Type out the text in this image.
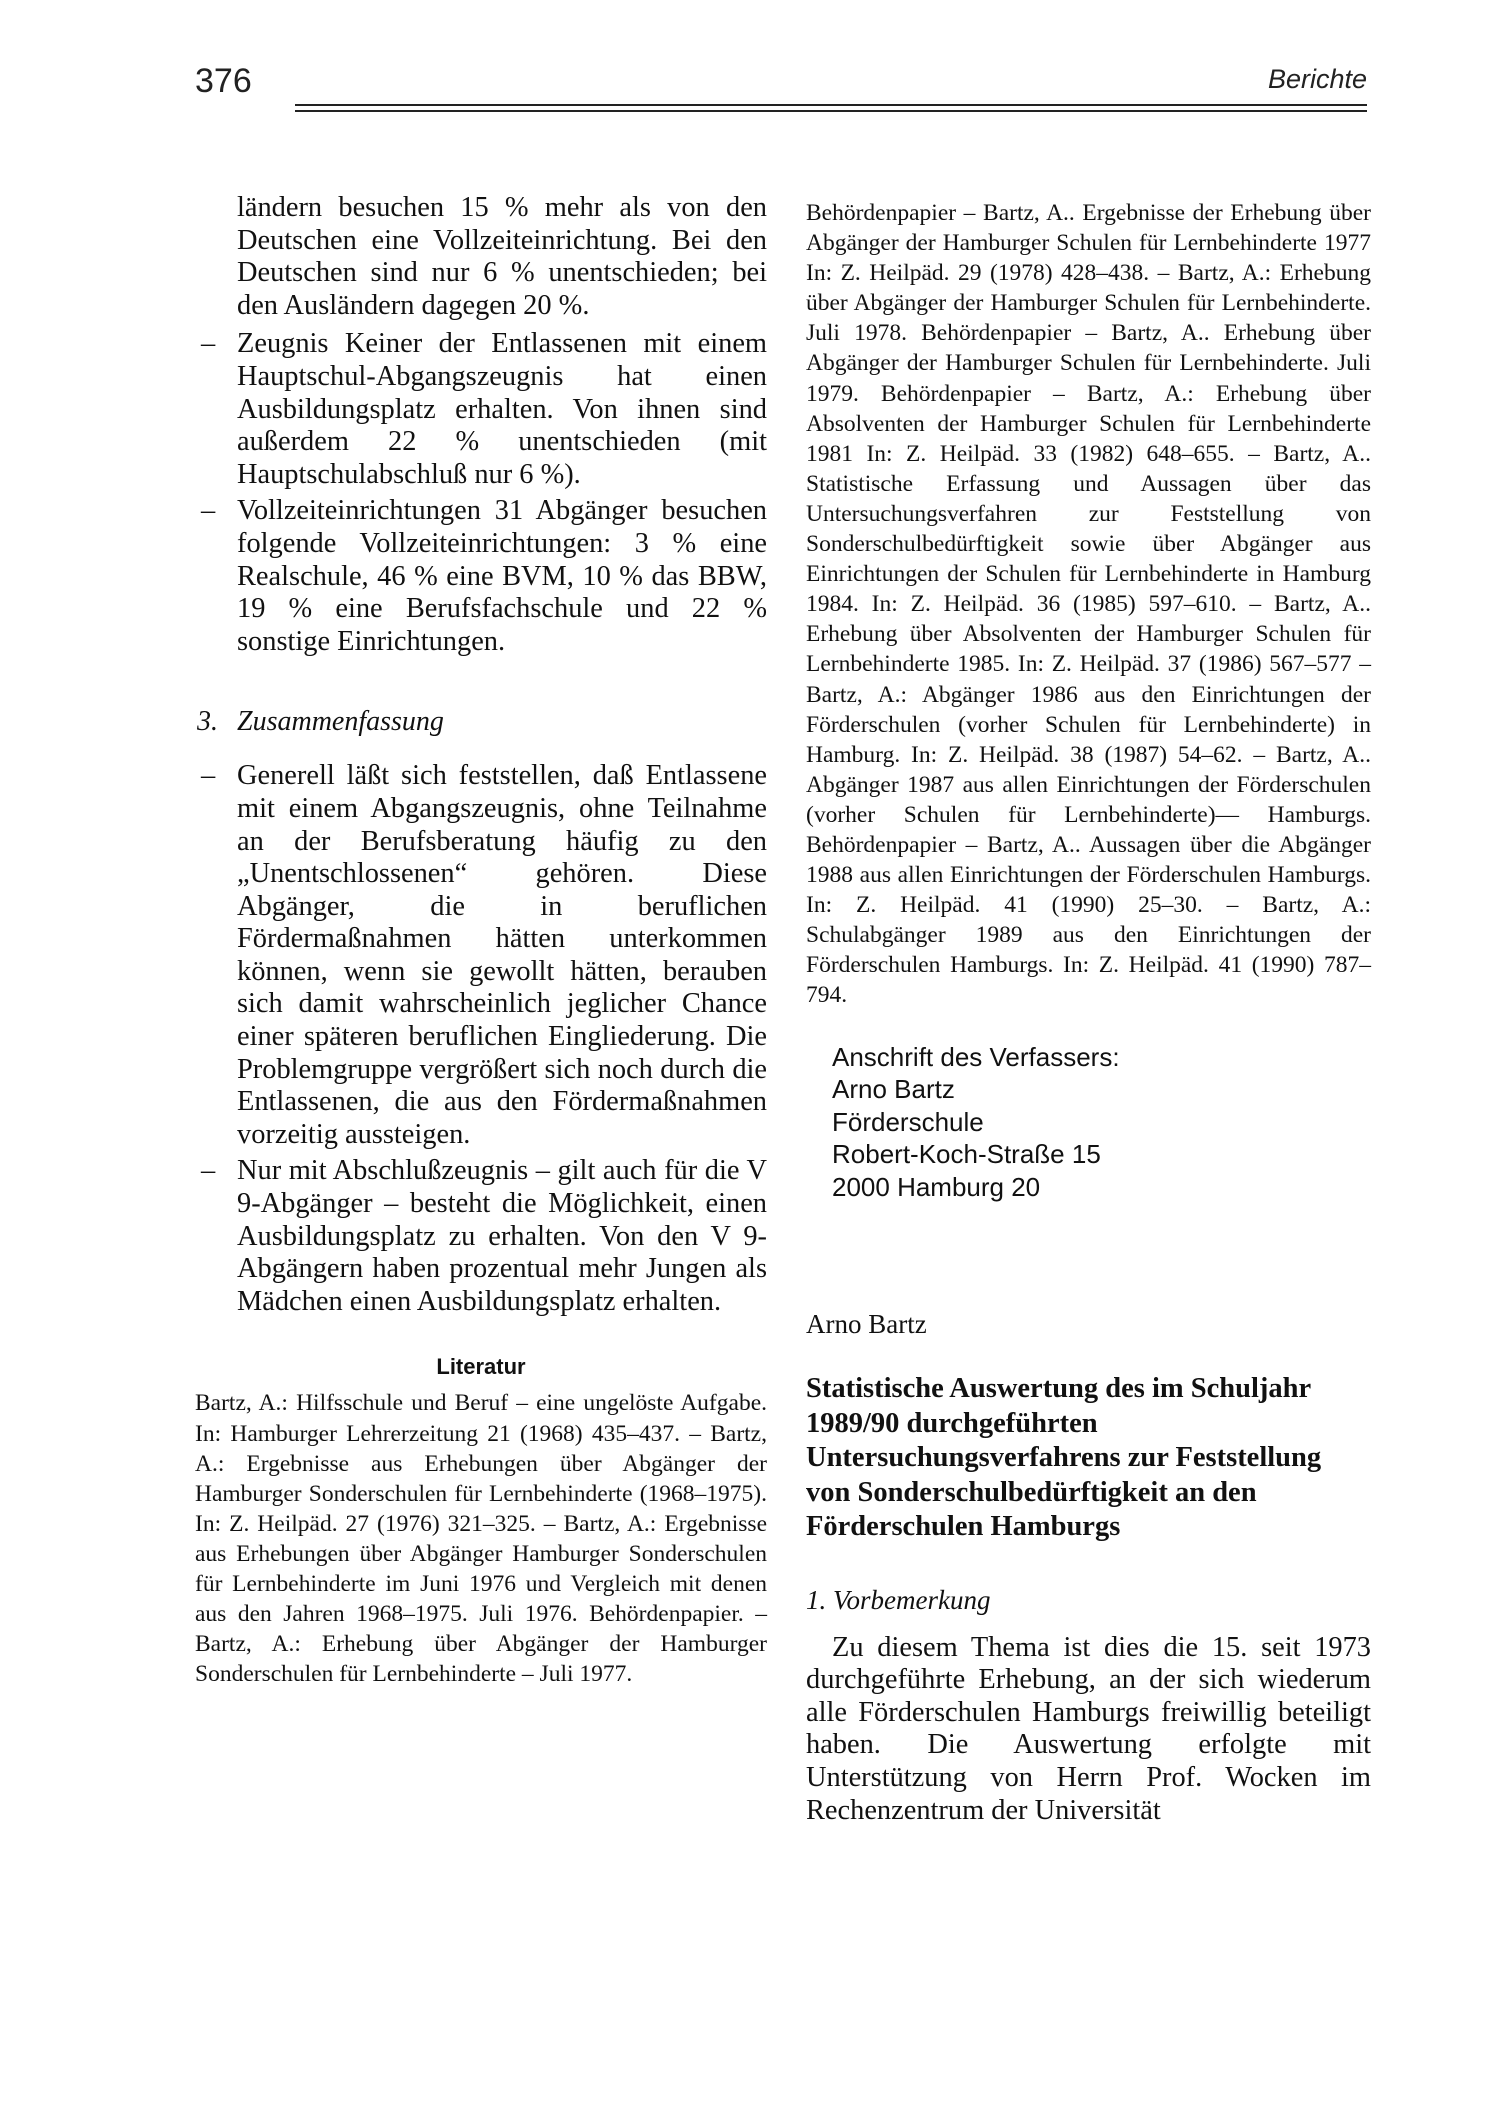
376	Berichte

ländern besuchen 15 % mehr als von den Deutschen eine Vollzeiteinrichtung. Bei den Deutschen sind nur 6 % unentschieden; bei den Ausländern dagegen 20 %.

– Zeugnis Keiner der Entlassenen mit einem Hauptschul-Abgangszeugnis hat einen Ausbildungsplatz erhalten. Von ihnen sind außerdem 22 % unentschieden (mit Hauptschulabschluß nur 6 %).
– Vollzeiteinrichtungen 31 Abgänger besuchen folgende Vollzeiteinrichtungen: 3 % eine Realschule, 46 % eine BVM, 10 % das BBW, 19 % eine Berufsfachschule und 22 % sonstige Einrichtungen.
3. Zusammenfassung
– Generell läßt sich feststellen, daß Entlassene mit einem Abgangszeugnis, ohne Teilnahme an der Berufsberatung häufig zu den „Unentschlossenen“ gehören. Diese Abgänger, die in beruflichen Fördermaßnahmen hätten unterkommen können, wenn sie gewollt hätten, berauben sich damit wahrscheinlich jeglicher Chance einer späteren beruflichen Eingliederung. Die Problemgruppe vergrößert sich noch durch die Entlassenen, die aus den Fördermaßnahmen vorzeitig aussteigen.
– Nur mit Abschlußzeugnis – gilt auch für die V 9-Abgänger – besteht die Möglichkeit, einen Ausbildungsplatz zu erhalten. Von den V 9-Abgängern haben prozentual mehr Jungen als Mädchen einen Ausbildungsplatz erhalten.
Literatur

Bartz, A.: Hilfsschule und Beruf – eine ungelöste Aufgabe. In: Hamburger Lehrerzeitung 21 (1968) 435–437. – Bartz, A.: Ergebnisse aus Erhebungen über Abgänger der Hamburger Sonderschulen für Lernbehinderte (1968–1975). In: Z. Heilpäd. 27 (1976) 321–325. – Bartz, A.: Ergebnisse aus Erhebungen über Abgänger Hamburger Sonderschulen für Lernbehinderte im Juni 1976 und Vergleich mit denen aus den Jahren 1968–1975. Juli 1976. Behördenpapier. – Bartz, A.: Erhebung über Abgänger der Hamburger Sonderschulen für Lernbehinderte – Juli 1977.

Behördenpapier – Bartz, A.. Ergebnisse der Erhebung über Abgänger der Hamburger Schulen für Lernbehinderte 1977 In: Z. Heilpäd. 29 (1978) 428–438. – Bartz, A.: Erhebung über Abgänger der Hamburger Schulen für Lernbehinderte. Juli 1978. Behördenpapier – Bartz, A.. Erhebung über Abgänger der Hamburger Schulen für Lernbehinderte. Juli 1979. Behördenpapier – Bartz, A.: Erhebung über Absolventen der Hamburger Schulen für Lernbehinderte 1981 In: Z. Heilpäd. 33 (1982) 648–655. – Bartz, A.. Statistische Erfassung und Aussagen über das Untersuchungsverfahren zur Feststellung von Sonderschulbedürftigkeit sowie über Abgänger aus Einrichtungen der Schulen für Lernbehinderte in Hamburg 1984. In: Z. Heilpäd. 36 (1985) 597–610. – Bartz, A.. Erhebung über Absolventen der Hamburger Schulen für Lernbehinderte 1985. In: Z. Heilpäd. 37 (1986) 567–577 – Bartz, A.: Abgänger 1986 aus den Einrichtungen der Förderschulen (vorher Schulen für Lernbehinderte) in Hamburg. In: Z. Heilpäd. 38 (1987) 54–62. – Bartz, A.. Abgänger 1987 aus allen Einrichtungen der Förderschulen (vorher Schulen für Lernbehinderte)— Hamburgs. Behördenpapier – Bartz, A.. Aussagen über die Abgänger 1988 aus allen Einrichtungen der Förderschulen Hamburgs. In: Z. Heilpäd. 41 (1990) 25–30. – Bartz, A.: Schulabgänger 1989 aus den Einrichtungen der Förderschulen Hamburgs. In: Z. Heilpäd. 41 (1990) 787–794.

Anschrift des Verfassers:
Arno Bartz
Förderschule
Robert-Koch-Straße 15
2000 Hamburg 20
Arno Bartz
Statistische Auswertung des im Schuljahr 1989/90 durchgeführten Untersuchungsverfahrens zur Feststellung von Sonderschulbedürftigkeit an den Förderschulen Hamburgs
1. Vorbemerkung

Zu diesem Thema ist dies die 15. seit 1973 durchgeführte Erhebung, an der sich wiederum alle Förderschulen Hamburgs freiwillig beteiligt haben. Die Auswertung erfolgte mit Unterstützung von Herrn Prof. Wocken im Rechenzentrum der Universität
